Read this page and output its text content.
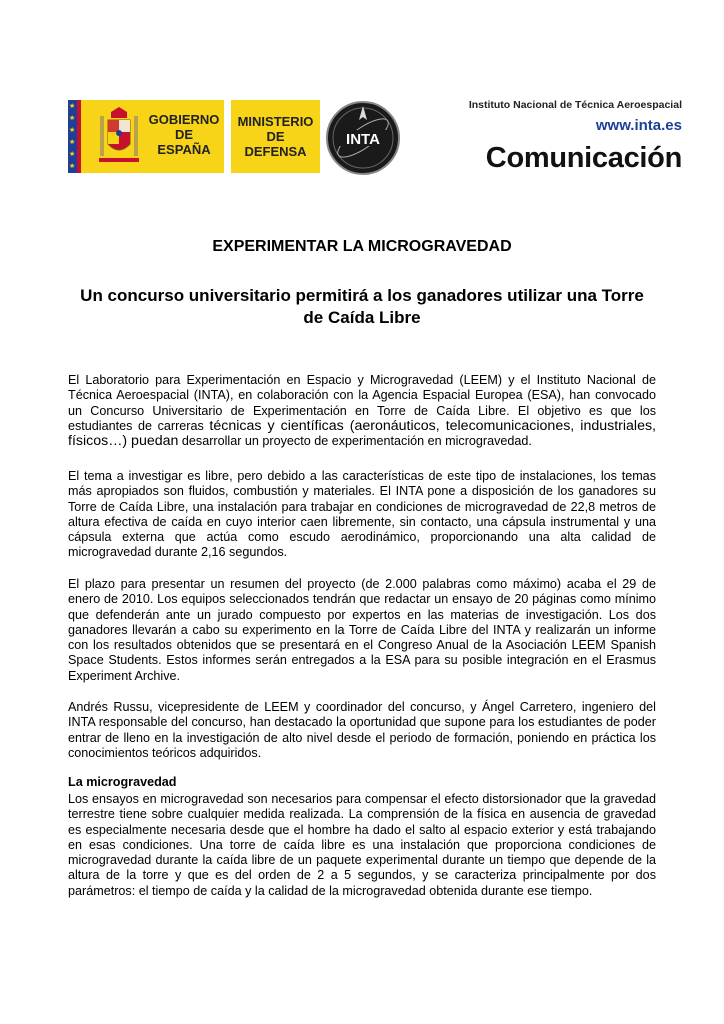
★
★
★
★
★
★
GOBIERNO
DE
ESPAÑA
MINISTERIO
DE
DEFENSA
INTA
Instituto Nacional de Técnica Aeroespacial
www.inta.es
Comunicación
EXPERIMENTAR LA MICROGRAVEDAD
Un concurso universitario permitirá a los ganadores utilizar una Torre de Caída Libre

El Laboratorio para Experimentación en Espacio y Microgravedad (LEEM) y el Instituto Nacional de Técnica Aeroespacial (INTA), en colaboración con la Agencia Espacial Europea (ESA), han convocado un Concurso Universitario de Experimentación en Torre de Caída Libre. El objetivo es que los estudiantes de carreras técnicas y científicas (aeronáuticos, telecomunicaciones, industriales, físicos…) puedan desarrollar un proyecto de experimentación en microgravedad.

El tema a investigar es libre, pero debido a las características de este tipo de instalaciones, los temas más apropiados son fluidos, combustión y materiales. El INTA pone a disposición de los ganadores su Torre de Caída Libre, una instalación para trabajar en condiciones de microgravedad de 22,8 metros de altura efectiva de caída en cuyo interior caen libremente, sin contacto, una cápsula instrumental y una cápsula externa que actúa como escudo aerodinámico, proporcionando una alta calidad de microgravedad durante 2,16 segundos.

El plazo para presentar un resumen del proyecto (de 2.000 palabras como máximo) acaba el 29 de enero de 2010. Los equipos seleccionados tendrán que redactar un ensayo de 20 páginas como mínimo que defenderán ante un jurado compuesto por expertos en las materias de investigación. Los dos ganadores llevarán a cabo su experimento en la Torre de Caída Libre del INTA y realizarán un informe con los resultados obtenidos que se presentará en el Congreso Anual de la Asociación LEEM Spanish Space Students. Estos informes serán entregados a la ESA para su posible integración en el Erasmus Experiment Archive.

Andrés Russu, vicepresidente de LEEM y coordinador del concurso, y Ángel Carretero, ingeniero del INTA responsable del concurso, han destacado la oportunidad que supone para los estudiantes de poder entrar de lleno en la investigación de alto nivel desde el periodo de formación, poniendo en práctica los conocimientos teóricos adquiridos.

La microgravedad

Los ensayos en microgravedad son necesarios para compensar el efecto distorsionador que la gravedad terrestre tiene sobre cualquier medida realizada. La comprensión de la física en ausencia de gravedad es especialmente necesaria desde que el hombre ha dado el salto al espacio exterior y está trabajando en esas condiciones. Una torre de caída libre es una instalación que proporciona condiciones de microgravedad durante la caída libre de un paquete experimental durante un tiempo que depende de la altura de la torre y que es del orden de 2 a 5 segundos, y se caracteriza principalmente por dos parámetros: el tiempo de caída y la calidad de la microgravedad obtenida durante ese tiempo.
